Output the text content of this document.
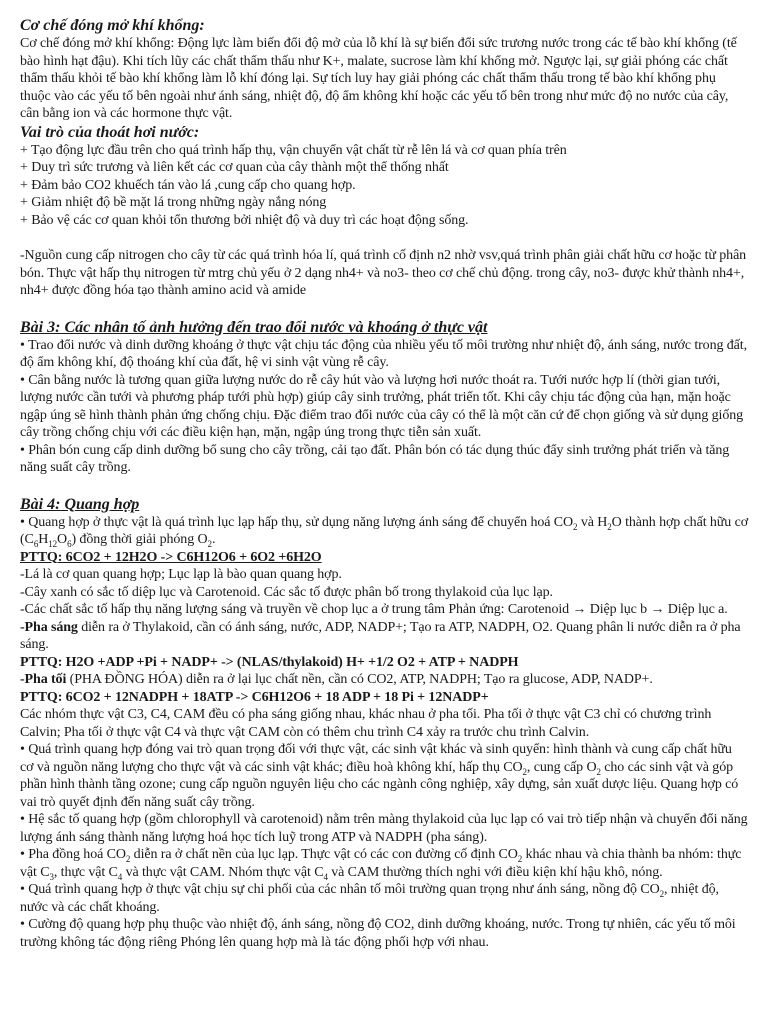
Cơ chế đóng mở khí khổng:

Cơ chế đóng mở khí khổng: Động lực làm biến đổi độ mở của lỗ khí là sự biến đổi sức trương nước trong các tế bào khí khổng (tế bào hình hạt đậu). Khi tích lũy các chất thẩm thấu như K+, malate, sucrose làm khí khổng mở. Ngược lại, sự giải phóng các chất thẩm thấu khỏi tế bào khí khổng làm lỗ khí đóng lại. Sự tích luy hay giải phóng các chất thẩm thấu trong tế bào khí khổng phụ thuộc vào các yếu tố bên ngoài như ánh sáng, nhiệt độ, độ ẩm không khí hoặc các yếu tố bên trong như mức độ no nước của cây, cân bằng ion và các hormone thực vật.

Vai trò của thoát hơi nước:

+ Tạo động lực đầu trên cho quá trình hấp thụ, vận chuyển vật chất từ rễ lên lá và cơ quan phía trên

+ Duy trì sức trương và liên kết các cơ quan của cây thành một thể thống nhất

+ Đảm bảo CO2 khuếch tán vào lá ,cung cấp cho quang hợp.

+ Giảm nhiệt độ bề mặt lá trong những ngày nắng nóng

+ Bảo vệ các cơ quan khỏi tổn thương bởi nhiệt độ và duy trì các hoạt động sống.

-Nguồn cung cấp nitrogen cho cây từ các quá trình hóa lí, quá trình cố định n2 nhờ vsv,quá trình phân giải chất hữu cơ hoặc từ phân bón. Thực vật hấp thụ nitrogen từ mtrg chủ yếu ở 2 dạng nh4+ và no3- theo cơ chế chủ động. trong cây, no3- được khử thành nh4+, nh4+ được đồng hóa tạo thành amino acid và amide

Bài 3: Các nhân tố ảnh hưởng đến trao đổi nước và khoáng ở thực vật

• Trao đổi nước và dinh dưỡng khoáng ở thực vật chịu tác động của nhiều yếu tố môi trường như nhiệt độ, ánh sáng, nước trong đất, độ ẩm không khí, độ thoáng khí của đất, hệ vi sinh vật vùng rễ cây.

• Cân bằng nước là tương quan giữa lượng nước do rễ cây hút vào và lượng hơi nước thoát ra. Tưới nước hợp lí (thời gian tưới, lượng nước cần tưới và phương pháp tưới phù hợp) giúp cây sinh trưởng, phát triển tốt. Khi cây chịu tác động của hạn, mặn hoặc ngập úng sẽ hình thành phản ứng chống chịu. Đặc điểm trao đổi nước của cây có thể là một căn cứ để chọn giống và sử dụng giống cây trồng chống chịu với các điều kiện hạn, mặn, ngập úng trong thực tiễn sản xuất.

• Phân bón cung cấp dinh dưỡng bổ sung cho cây trồng, cải tạo đất. Phân bón có tác dụng thúc đẩy sinh trưởng phát triển và tăng năng suất cây trồng.

Bài 4: Quang hợp

• Quang hợp ở thực vật là quá trình lục lạp hấp thụ, sử dụng năng lượng ánh sáng để chuyển hoá $CO_2$ và $H_2O$ thành hợp chất hữu cơ $(C_6H_{12}O_6)$ đồng thời giải phóng $O_2$.

PTTQ: 6CO2 + 12H2O -> C6H12O6 + 6O2 +6H2O

-Lá là cơ quan quang hợp; Lục lạp là bào quan quang hợp.

-Cây xanh có sắc tố diệp lục và Carotenoid. Các sắc tố được phân bố trong thylakoid của lục lạp.

-Các chất sắc tố hấp thụ năng lượng sáng và truyền về chop lục a ở trung tâm Phản ứng: Carotenoid → Diệp lục b → Diệp lục a.

-Pha sáng diễn ra ở Thylakoid, cần có ánh sáng, nước, ADP, NADP+; Tạo ra ATP, NADPH, O2. Quang phân li nước diễn ra ở pha sáng.

PTTQ: H2O +ADP +Pi + NADP+ -> (NLAS/thylakoid) H+ +1/2 O2 + ATP + NADPH

-Pha tối (PHA ĐỒNG HÓA) diễn ra ở lại lục chất nền, cần có CO2, ATP, NADPH; Tạo ra glucose, ADP, NADP+.

PTTQ: 6CO2 + 12NADPH + 18ATP -> C6H12O6 + 18 ADP + 18 Pi + 12NADP+

Các nhóm thực vật C3, C4, CAM đều có pha sáng giống nhau, khác nhau ở pha tối. Pha tối ở thực vật C3 chỉ có chương trình Calvin; Pha tối ở thực vật C4 và thực vật CAM còn có thêm chu trình C4 xảy ra trước chu trình Calvin.

• Quá trình quang hợp đóng vai trò quan trọng đối với thực vật, các sinh vật khác và sinh quyển: hình thành và cung cấp chất hữu cơ và nguồn năng lượng cho thực vật và các sinh vật khác; điều hoà không khí, hấp thụ $CO_2$, cung cấp $O_2$ cho các sinh vật và góp phần hình thành tầng ozone; cung cấp nguồn nguyên liệu cho các ngành công nghiệp, xây dựng, sản xuất dược liệu. Quang hợp có vai trò quyết định đến năng suất cây trồng.

• Hệ sắc tố quang hợp (gồm chlorophyll và carotenoid) nằm trên màng thylakoid của lục lạp có vai trò tiếp nhận và chuyển đổi năng lượng ánh sáng thành năng lượng hoá học tích luỹ trong ATP và NADPH (pha sáng).

• Pha đồng hoá $CO_2$ diễn ra ở chất nền của lục lạp. Thực vật có các con đường cố định $CO_2$ khác nhau và chia thành ba nhóm: thực vật $C_3$, thực vật $C_4$ và thực vật CAM. Nhóm thực vật $C_4$ và CAM thường thích nghi với điều kiện khí hậu khô, nóng.

• Quá trình quang hợp ở thực vật chịu sự chi phối của các nhân tố môi trường quan trọng như ánh sáng, nồng độ $CO_2$, nhiệt độ, nước và các chất khoáng.

• Cường độ quang hợp phụ thuộc vào nhiệt độ, ánh sáng, nồng độ CO2, dinh dưỡng khoáng, nước. Trong tự nhiên, các yếu tố môi trường không tác động riêng Phóng lên quang hợp mà là tác động phối hợp với nhau.
